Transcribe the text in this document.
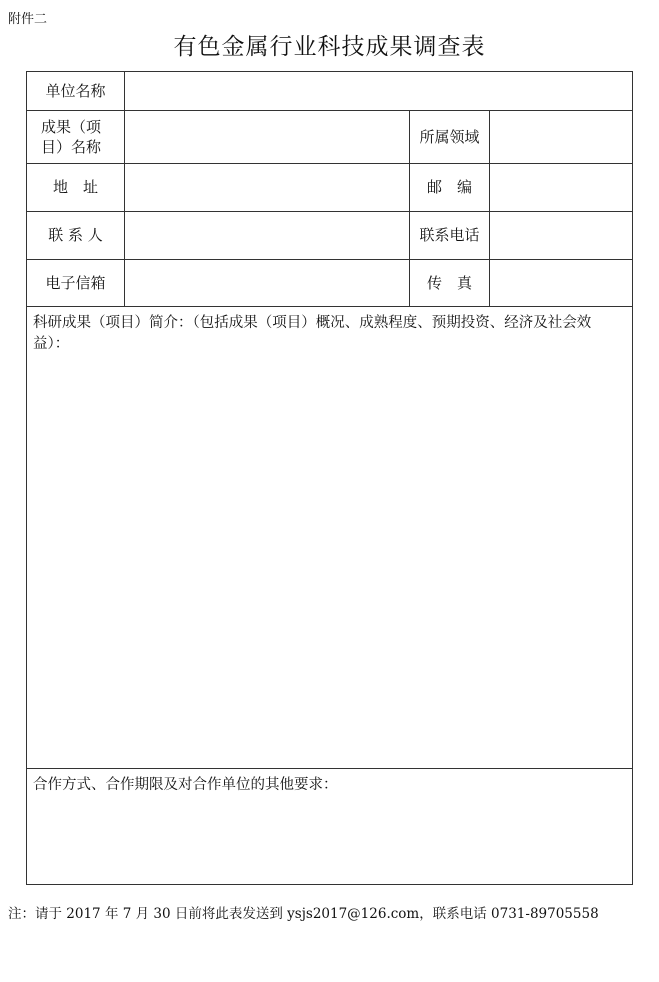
附件二
有色金属行业科技成果调查表
单位名称			
成果（项目）名称		所属领域	
地　址		邮　编	
联 系 人		联系电话	
电子信箱		传　真	

科研成果（项目）简介：（包括成果（项目）概况、成熟程度、预期投资、经济及社会效益）：			

合作方式、合作期限及对合作单位的其他要求：			
注：请于 2017 年 7 月 30 日前将此表发送到 ysjs2017@126.com，联系电话 0731-89705558
